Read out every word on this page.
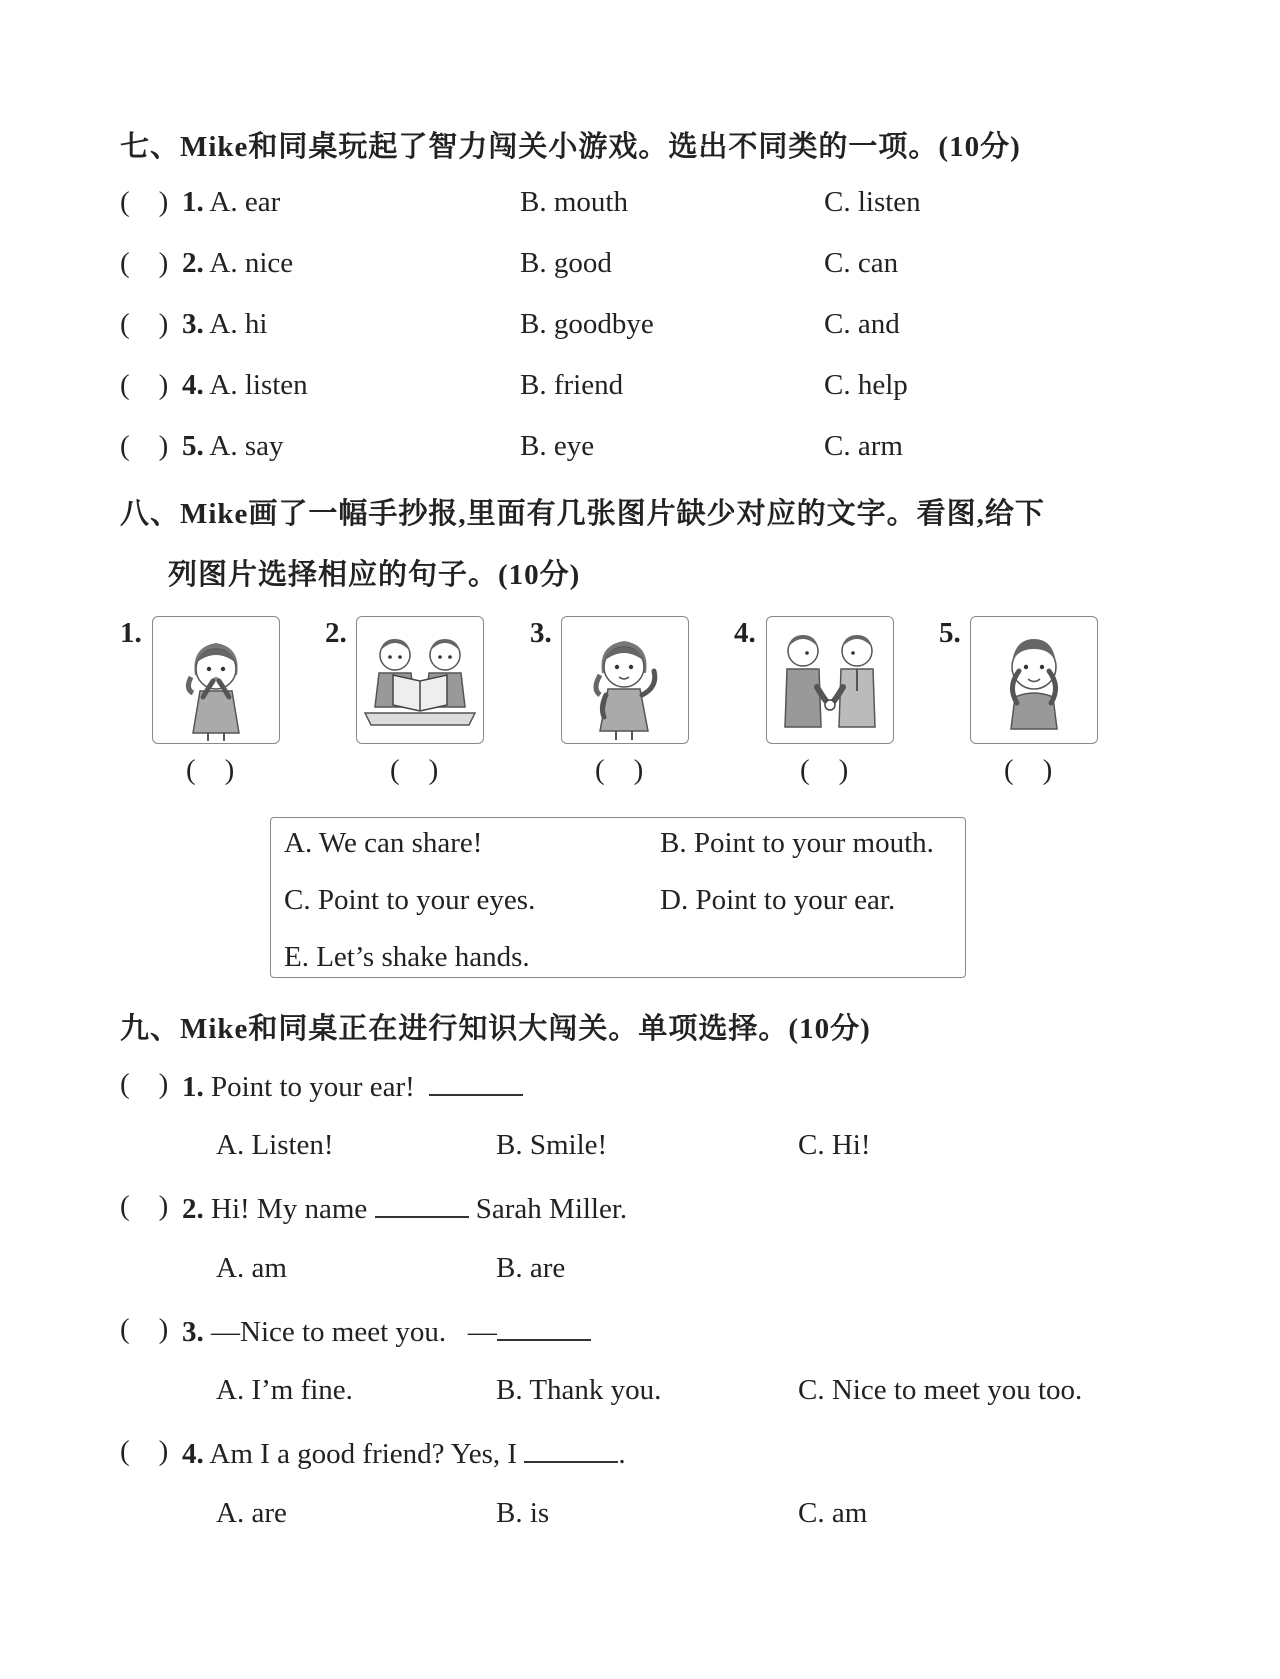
七、Mike和同桌玩起了智力闯关小游戏。选出不同类的一项。(10分)
(    ) 1. A. ear	B. mouth	C. listen
(    ) 2. A. nice	B. good	C. can
(    ) 3. A. hi	B. goodbye	C. and
(    ) 4. A. listen	B. friend	C. help
(    ) 5. A. say	B. eye	C. arm
八、Mike画了一幅手抄报,里面有几张图片缺少对应的文字。看图,给下
列图片选择相应的句子。(10分)
1.
(    )
2.
(    )
3.
(    )
4.
(    )
5.
(    )
A. We can share!	B. Point to your mouth.
C. Point to your eyes.	D. Point to your ear.
E. Let’s shake hands.
九、Mike和同桌正在进行知识大闯关。单项选择。(10分)
(    ) 1. Point to your ear!
A. Listen!	B. Smile!	C. Hi!
(    ) 2. Hi! My name	Sarah Miller.
A. am	B. are
(    ) 3. —Nice to meet you. —
A. I’m fine.	B. Thank you.	C. Nice to meet you too.
(    ) 4. Am I a good friend? Yes, I	.
A. are	B. is	C. am
